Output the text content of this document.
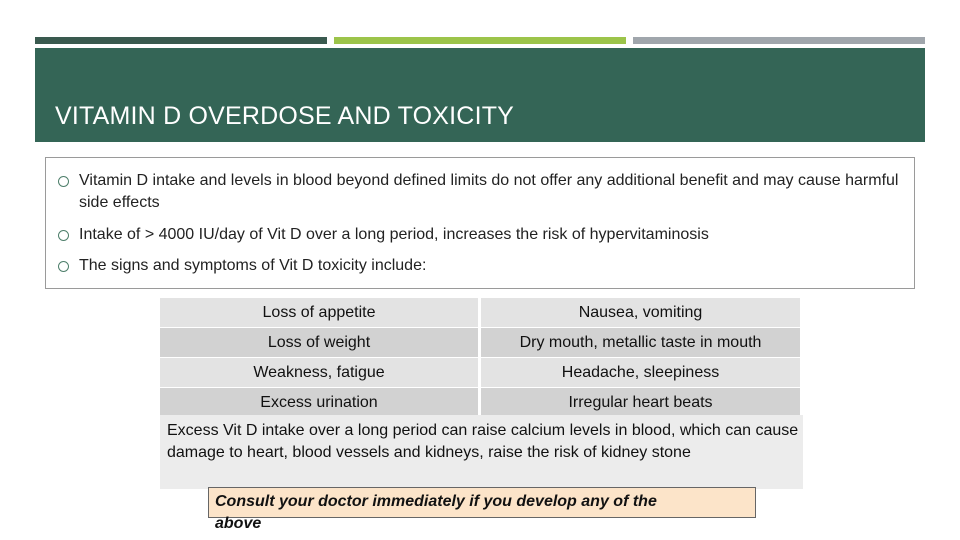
VITAMIN D OVERDOSE AND TOXICITY
Vitamin D intake and levels in blood beyond defined limits do not offer any additional benefit and may cause harmful side effects
Intake of > 4000 IU/day of Vit D over a long period, increases the risk of hypervitaminosis
The signs and symptoms of Vit D toxicity include:
Loss of appetite	Nausea, vomiting
Loss of weight	Dry mouth, metallic taste in mouth
Weakness, fatigue	Headache, sleepiness
Excess urination	Irregular heart beats
Excess Vit D intake over a long period can raise calcium levels in blood, which can cause damage to heart, blood vessels and kidneys, raise the risk of kidney stone
Consult your doctor immediately if you develop any of the
above
